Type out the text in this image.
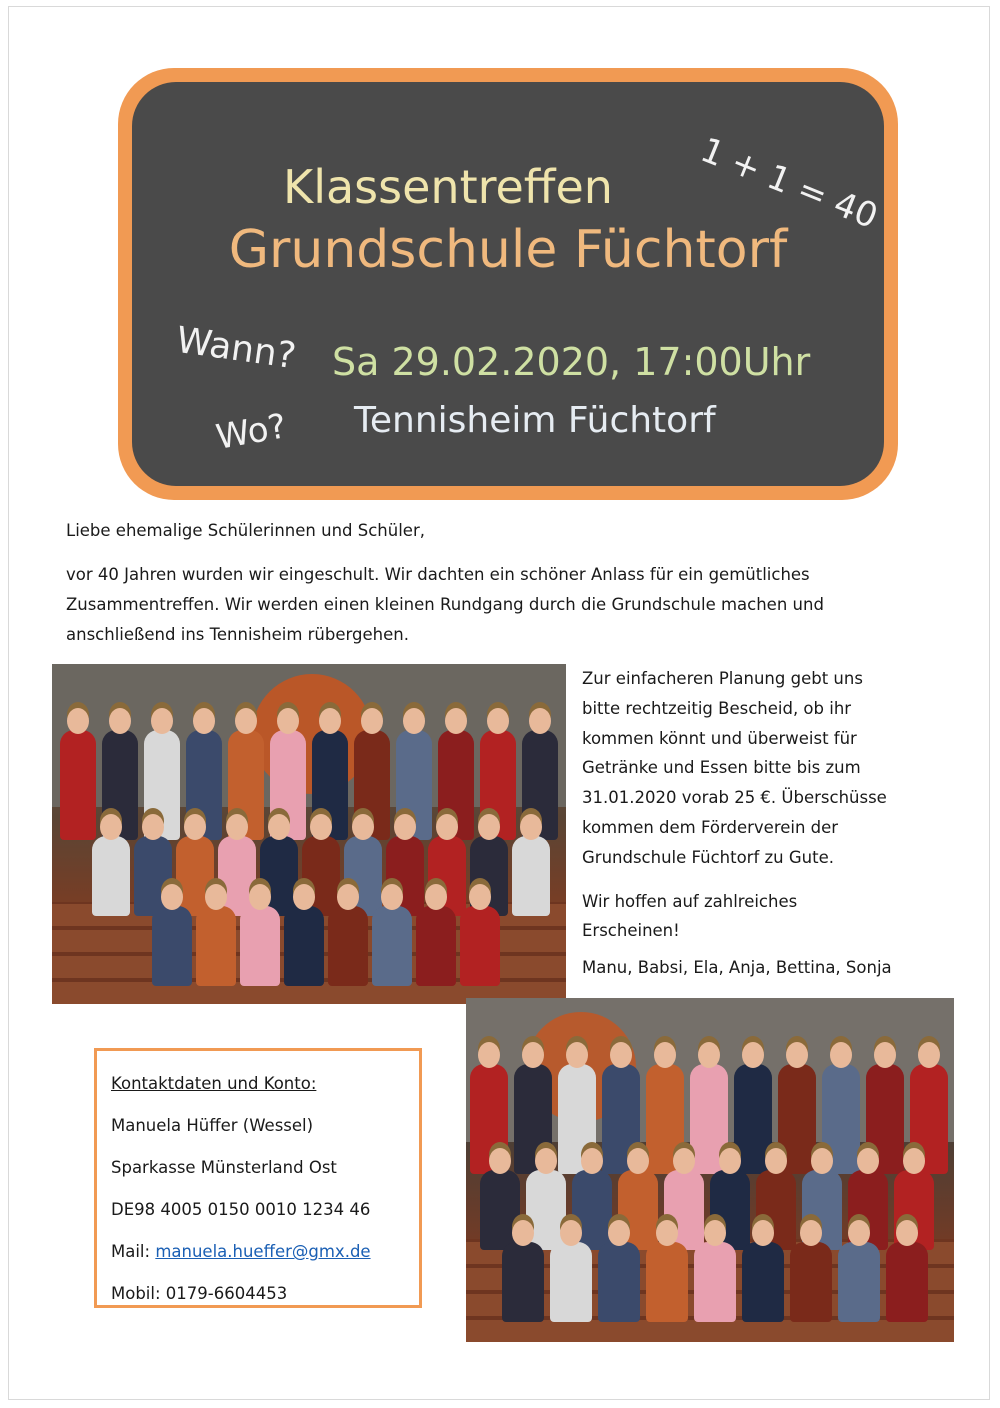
1 + 1 = 40
Klassentreffen
Grundschule Füchtorf
Wann? Sa 29.02.2020, 17:00Uhr
Wo? Tennisheim Füchtorf
Liebe ehemalige Schülerinnen und Schüler,
vor 40 Jahren wurden wir eingeschult. Wir dachten ein schöner Anlass für ein gemütliches
Zusammentreffen. Wir werden einen kleinen Rundgang durch die Grundschule machen und
anschließend ins Tennisheim rübergehen.

Zur einfacheren Planung gebt uns
bitte rechtzeitig Bescheid, ob ihr
kommen könnt und überweist für
Getränke und Essen bitte bis zum
31.01.2020 vorab 25 €. Überschüsse
kommen dem Förderverein der
Grundschule Füchtorf zu Gute.

Wir hoffen auf zahlreiches
Erscheinen!

Manu, Babsi, Ela, Anja, Bettina, Sonja
Kontaktdaten und Konto:
Manuela Hüffer (Wessel)
Sparkasse Münsterland Ost
DE98 4005 0150 0010 1234 46
Mail: manuela.hueffer@gmx.de
Mobil: 0179-6604453
